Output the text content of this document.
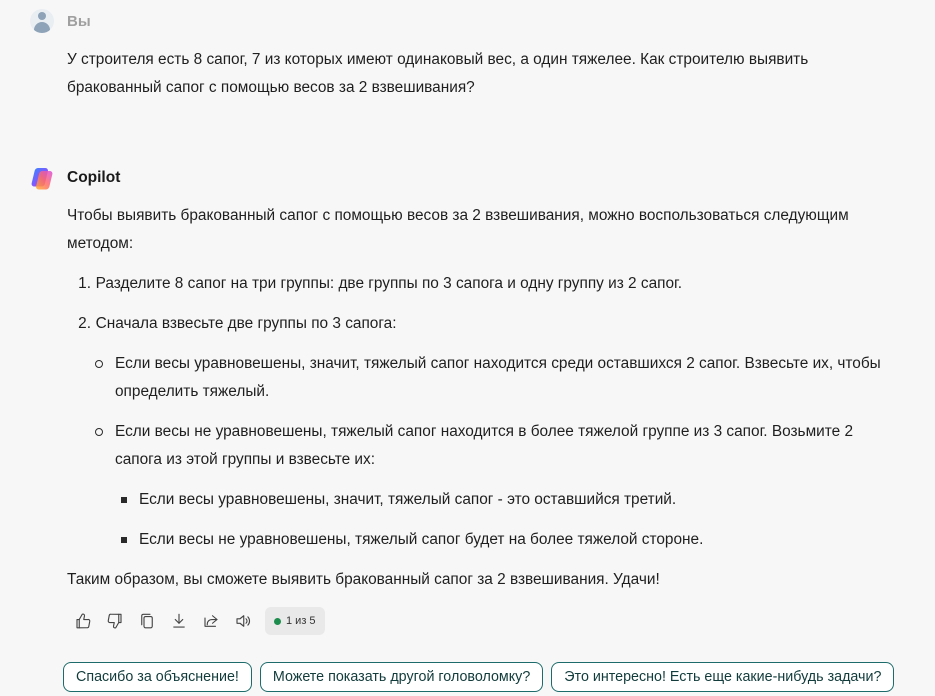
Вы
У строителя есть 8 сапог, 7 из которых имеют одинаковый вес, а один тяжелее. Как строителю выявить бракованный сапог с помощью весов за 2 взвешивания?
Copilot

Чтобы выявить бракованный сапог с помощью весов за 2 взвешивания, можно воспользоваться следующим методом:

1. Разделите 8 сапог на три группы: две группы по 3 сапога и одну группу из 2 сапог.
2. Сначала взвесьте две группы по 3 сапога:
Если весы уравновешены, значит, тяжелый сапог находится среди оставшихся 2 сапог. Взвесьте их, чтобы определить тяжелый.
Если весы не уравновешены, тяжелый сапог находится в более тяжелой группе из 3 сапог. Возьмите 2 сапога из этой группы и взвесьте их:
Если весы уравновешены, значит, тяжелый сапог - это оставшийся третий.
Если весы не уравновешены, тяжелый сапог будет на более тяжелой стороне.

Таким образом, вы сможете выявить бракованный сапог за 2 взвешивания. Удачи!

1 из 5
Спасибо за объяснение!	Можете показать другой головоломку?	Это интересно! Есть еще какие-нибудь задачи?
